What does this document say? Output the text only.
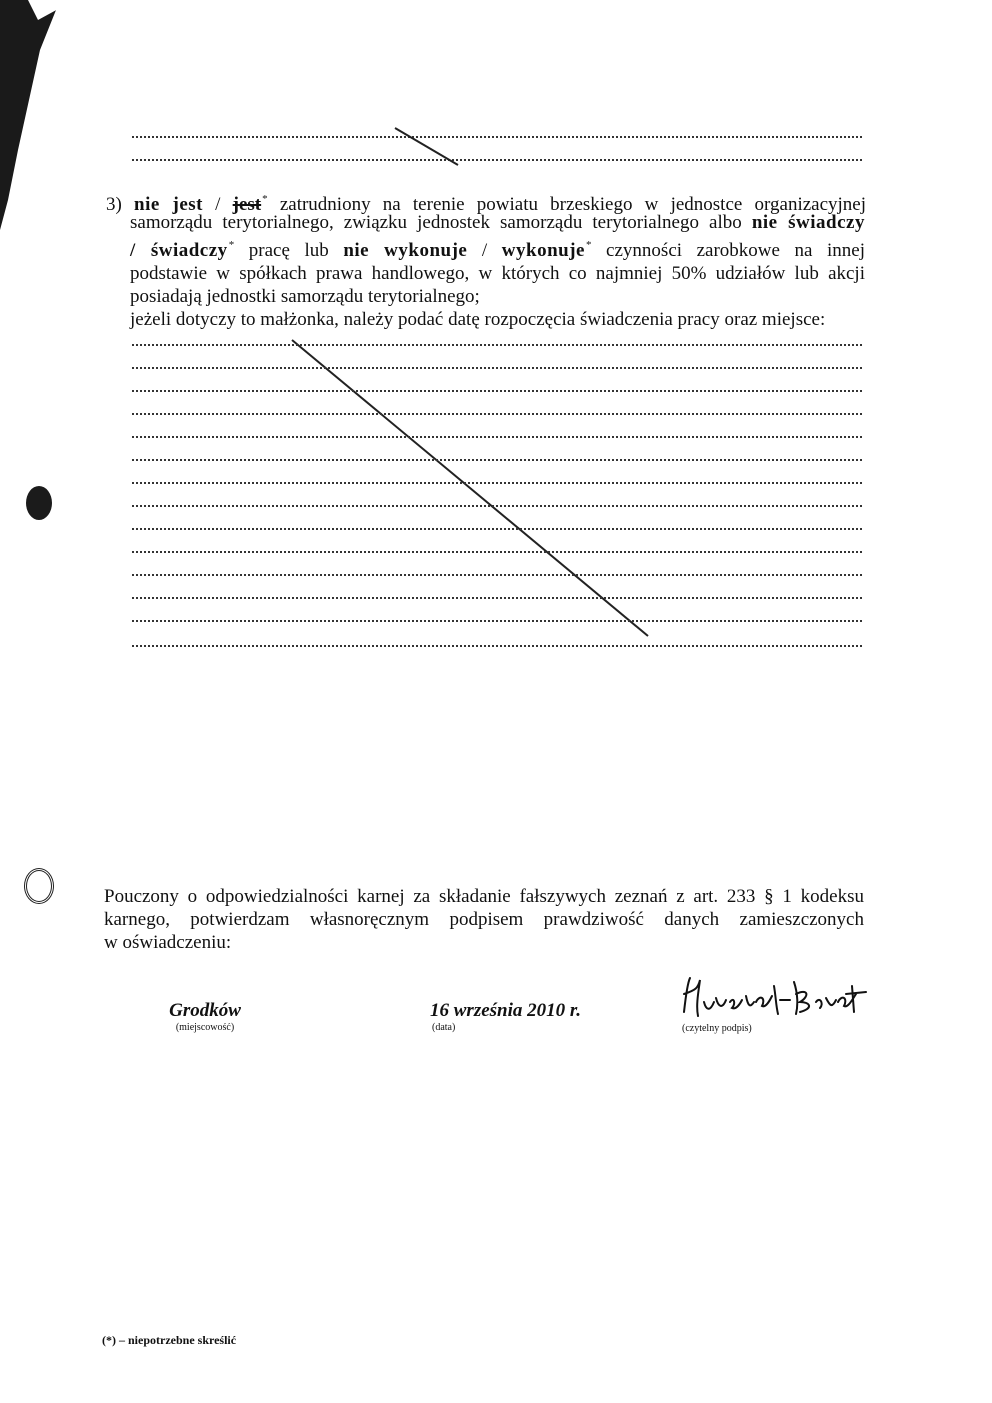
3) nie jest / jest* zatrudniony na terenie powiatu brzeskiego w jednostce organizacyjnej
samorządu terytorialnego, związku jednostek samorządu terytorialnego albo nie świadczy
/ świadczy* pracę lub nie wykonuje / wykonuje* czynności zarobkowe na innej
podstawie w spółkach prawa handlowego, w których co najmniej 50% udziałów lub akcji
posiadają jednostki samorządu terytorialnego;
jeżeli dotyczy to małżonka, należy podać datę rozpoczęcia świadczenia pracy oraz miejsce:
Pouczony o odpowiedzialności karnej za składanie fałszywych zeznań z art. 233 § 1 kodeksu
karnego, potwierdzam własnoręcznym podpisem prawdziwość danych zamieszczonych
w oświadczeniu:
Grodków
(miejscowość)
16 września 2010 r.
(data)	(czytelny podpis)
(*) – niepotrzebne skreślić
